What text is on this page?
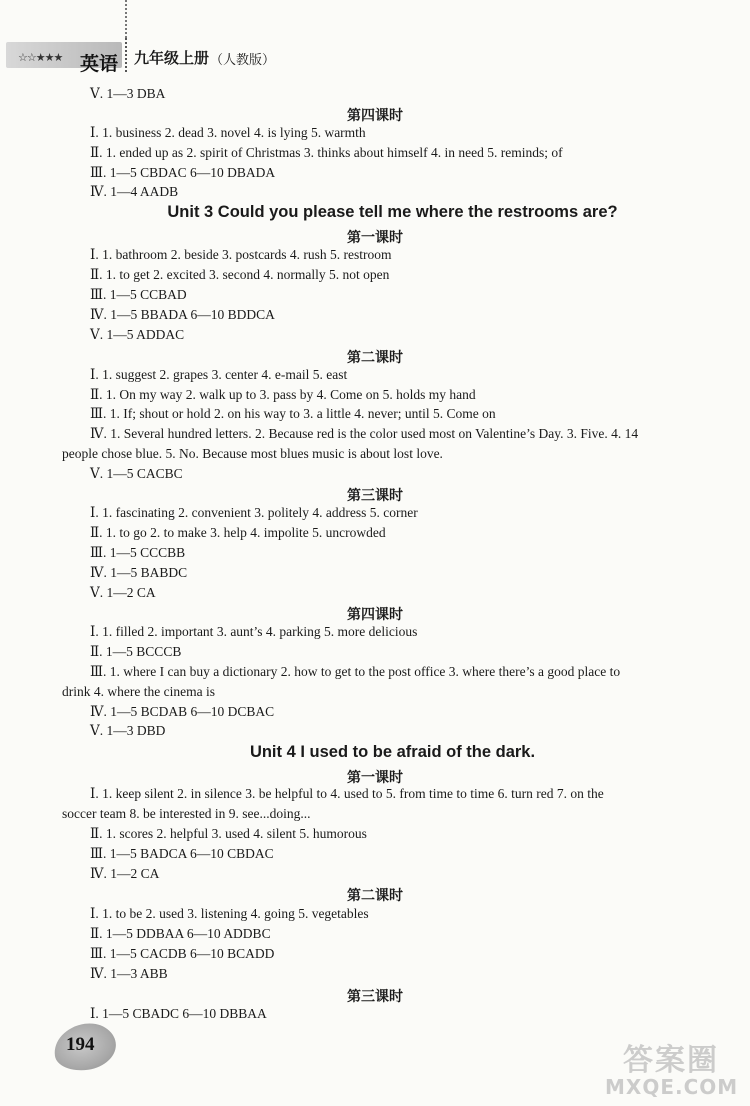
☆☆★★★ 英语 九年级上册 （人教版）
Ⅴ. 1—3 DBA
第四课时
Ⅰ. 1. business 2. dead 3. novel 4. is lying 5. warmth
Ⅱ. 1. ended up as 2. spirit of Christmas 3. thinks about himself 4. in need 5. reminds; of
Ⅲ. 1—5 CBDAC 6—10 DBADA
Ⅳ. 1—4 AADB
Unit 3 Could you please tell me where the restrooms are?
第一课时
Ⅰ. 1. bathroom 2. beside 3. postcards 4. rush 5. restroom
Ⅱ. 1. to get 2. excited 3. second 4. normally 5. not open
Ⅲ. 1—5 CCBAD
Ⅳ. 1—5 BBADA 6—10 BDDCA
Ⅴ. 1—5 ADDAC
第二课时
Ⅰ. 1. suggest 2. grapes 3. center 4. e-mail 5. east
Ⅱ. 1. On my way 2. walk up to 3. pass by 4. Come on 5. holds my hand
Ⅲ. 1. If; shout or hold 2. on his way to 3. a little 4. never; until 5. Come on
Ⅳ. 1. Several hundred letters. 2. Because red is the color used most on Valentine’s Day. 3. Five. 4. 14
people chose blue. 5. No. Because most blues music is about lost love.
Ⅴ. 1—5 CACBC
第三课时
Ⅰ. 1. fascinating 2. convenient 3. politely 4. address 5. corner
Ⅱ. 1. to go 2. to make 3. help 4. impolite 5. uncrowded
Ⅲ. 1—5 CCCBB
Ⅳ. 1—5 BABDC
Ⅴ. 1—2 CA
第四课时
Ⅰ. 1. filled 2. important 3. aunt’s 4. parking 5. more delicious
Ⅱ. 1—5 BCCCB
Ⅲ. 1. where I can buy a dictionary 2. how to get to the post office 3. where there’s a good place to
drink 4. where the cinema is
Ⅳ. 1—5 BCDAB 6—10 DCBAC
Ⅴ. 1—3 DBD
Unit 4 I used to be afraid of the dark.
第一课时
Ⅰ. 1. keep silent 2. in silence 3. be helpful to 4. used to 5. from time to time 6. turn red 7. on the
soccer team 8. be interested in 9. see...doing...
Ⅱ. 1. scores 2. helpful 3. used 4. silent 5. humorous
Ⅲ. 1—5 BADCA 6—10 CBDAC
Ⅳ. 1—2 CA
第二课时
Ⅰ. 1. to be 2. used 3. listening 4. going 5. vegetables
Ⅱ. 1—5 DDBAA 6—10 ADDBC
Ⅲ. 1—5 CACDB 6—10 BCADD
Ⅳ. 1—3 ABB
第三课时
Ⅰ. 1—5 CBADC 6—10 DBBAA
194	答案圈
MXQE.COM
